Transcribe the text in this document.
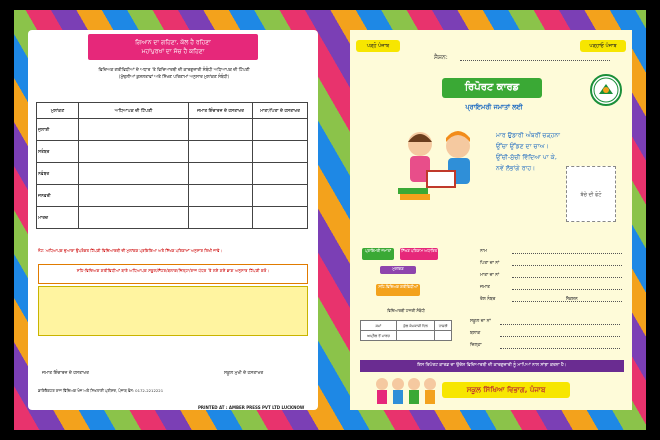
ਗਿਆਨ ਦਾ ਗਹਿਣਾ, ਕੋਲ ਹੈ ਰਹਿਣਾ
ਮਹਾਂਪੁਰਖਾਂ ਦਾ ਸੱਚ ਹੈ ਕਹਿਣਾ
ਵਿਦਿਅਕ ਗਤੀਵਿਧੀਆਂ ਦੇ ਅਧਾਰ 'ਤੇ ਵਿਦਿਆਰਥੀ ਦੀ ਕਾਰਗੁਜ਼ਾਰੀ ਸੰਬੰਧੀ ਅਧਿਆਪਕ ਦੀ ਟਿੱਪਣੀ
(ਮੁੱਢਲੀਆਂ ਕੁਸ਼ਲਤਾਵਾਂ ਅਤੇ ਸਿੱਖਣ ਪਰਿਣਾਮਾਂ ਅਨੁਸਾਰ ਮੁਲਾਂਕਣ ਸੰਬੰਧੀ)
ਮੁਲਾਂਕਣ	ਅਧਿਆਪਕ ਦੀ ਟਿੱਪਣੀ	ਜਮਾਤ ਇੰਚਾਰਜ ਦੇ ਹਸਤਾਖਰ	ਮਾਤਾ/ਪਿਤਾ ਦੇ ਹਸਤਾਖਰ
ਜੁਲਾਈ			
ਸਤੰਬਰ			
ਨਵੰਬਰ			
ਜਨਵਰੀ			
ਮਾਰਚ			
ਨੋਟ: ਅਧਿਆਪਕ ਦੁਆਰਾ ਉਪਰੋਕਤ ਟਿੱਪਣੀ ਵਿਦਿਆਰਥੀ ਦੀ ਮੁਲਾਂਕਣ ਪ੍ਰਕਿਰਿਆ ਅਤੇ ਸਿੱਖਣ ਪਰਿਣਾਮਾਂ ਅਨੁਸਾਰ ਲਿਖੀ ਜਾਵੇ।
ਸਹਿ-ਵਿਦਿਅਕ ਗਤੀਵਿਧੀਆਂ ਬਾਰੇ ਅਧਿਆਪਕ ਸਕੂਲ/ਸੈਂਟਰ/ਬਲਾਕ/ਜ਼ਿਲ੍ਹਾ/ਰਾਜ ਪੱਧਰ 'ਤੇ ਲਏ ਗਏ ਭਾਗ ਅਨੁਸਾਰ ਟਿੱਪਣੀ ਕਰੋ।
ਜਮਾਤ ਇੰਚਾਰਜ ਦੇ ਹਸਤਾਖਰ	ਸਕੂਲ ਮੁਖੀ ਦੇ ਹਸਤਾਖਰ
ਡਾਇਰੈਕਟਰ ਰਾਜ ਵਿੱਦਿਅਕ ਖੋਜ ਅਤੇ ਸਿਖਲਾਈ ਪ੍ਰੀਸ਼ਦ, ਪੰਜਾਬ ਫੋਨ: 0172-2212221
PRINTED AT : AMBER PRESS PVT LTD LUCKNOW
ਪੜ੍ਹੋ ਪੰਜਾਬ	ਪੜ੍ਹਾਓ ਪੰਜਾਬ
ਸੈਸ਼ਨ:
ਰਿਪੋਰਟ ਕਾਰਡ
ਪ੍ਰਾਇਮਰੀ ਜਮਾਤਾਂ ਲਈ
ਮਾਰ ਉਡਾਰੀ ਅੰਬਰੀਂ ਚੜ੍ਹਨਾ
ਉੱਚਾ ਉੱਡਣ ਦਾ ਚਾਅ।
ਉੱਚੀ-ਸੁੱਚੀ ਵਿੱਦਿਆ ਪਾ ਕੇ,
ਨਵੇਂ ਲੱਭਾਂਗੇ ਰਾਹ।
ਬੱਚੇ ਦੀ ਫੋਟੋ
ਪ੍ਰਾਇਮਰੀ ਜਮਾਤਾਂ	ਸਿੱਖਣ ਪਰਿਣਾਮ ਅਧਾਰਿਤ
ਮੁਲਾਂਕਣ
ਸਹਿ-ਵਿਦਿਅਕ ਗਤੀਵਿਧੀਆਂ
ਨਾਮ
ਪਿਤਾ ਦਾ ਨਾਂ
ਮਾਤਾ ਦਾ ਨਾਂ
ਜਮਾਤ
ਰੋਲ ਨੰਬਰ	ਸੈਕਸ਼ਨ
ਵਿਦਿਆਰਥੀ ਹਾਜ਼ਰੀ ਸੰਬੰਧੀ
ਸਮਾਂ	ਕੁੱਲ ਕੰਮਕਾਜੀ ਦਿਨ	ਹਾਜ਼ਰੀ
ਅਪ੍ਰੈਲ ਤੋਂ ਮਾਰਚ		
ਸਕੂਲ ਦਾ ਨਾਂ
ਬਲਾਕ
ਜ਼ਿਲ੍ਹਾ
ਇਸ ਰਿਪੋਰਟ ਕਾਰਡ ਦਾ ਉਦੇਸ਼ ਵਿਦਿਆਰਥੀ ਦੀ ਕਾਰਗੁਜ਼ਾਰੀ ਨੂੰ ਮਾਪਿਆਂ ਨਾਲ ਸਾਂਝਾ ਕਰਨਾ ਹੈ।
ਸਕੂਲ ਸਿੱਖਿਆ ਵਿਭਾਗ, ਪੰਜਾਬ
